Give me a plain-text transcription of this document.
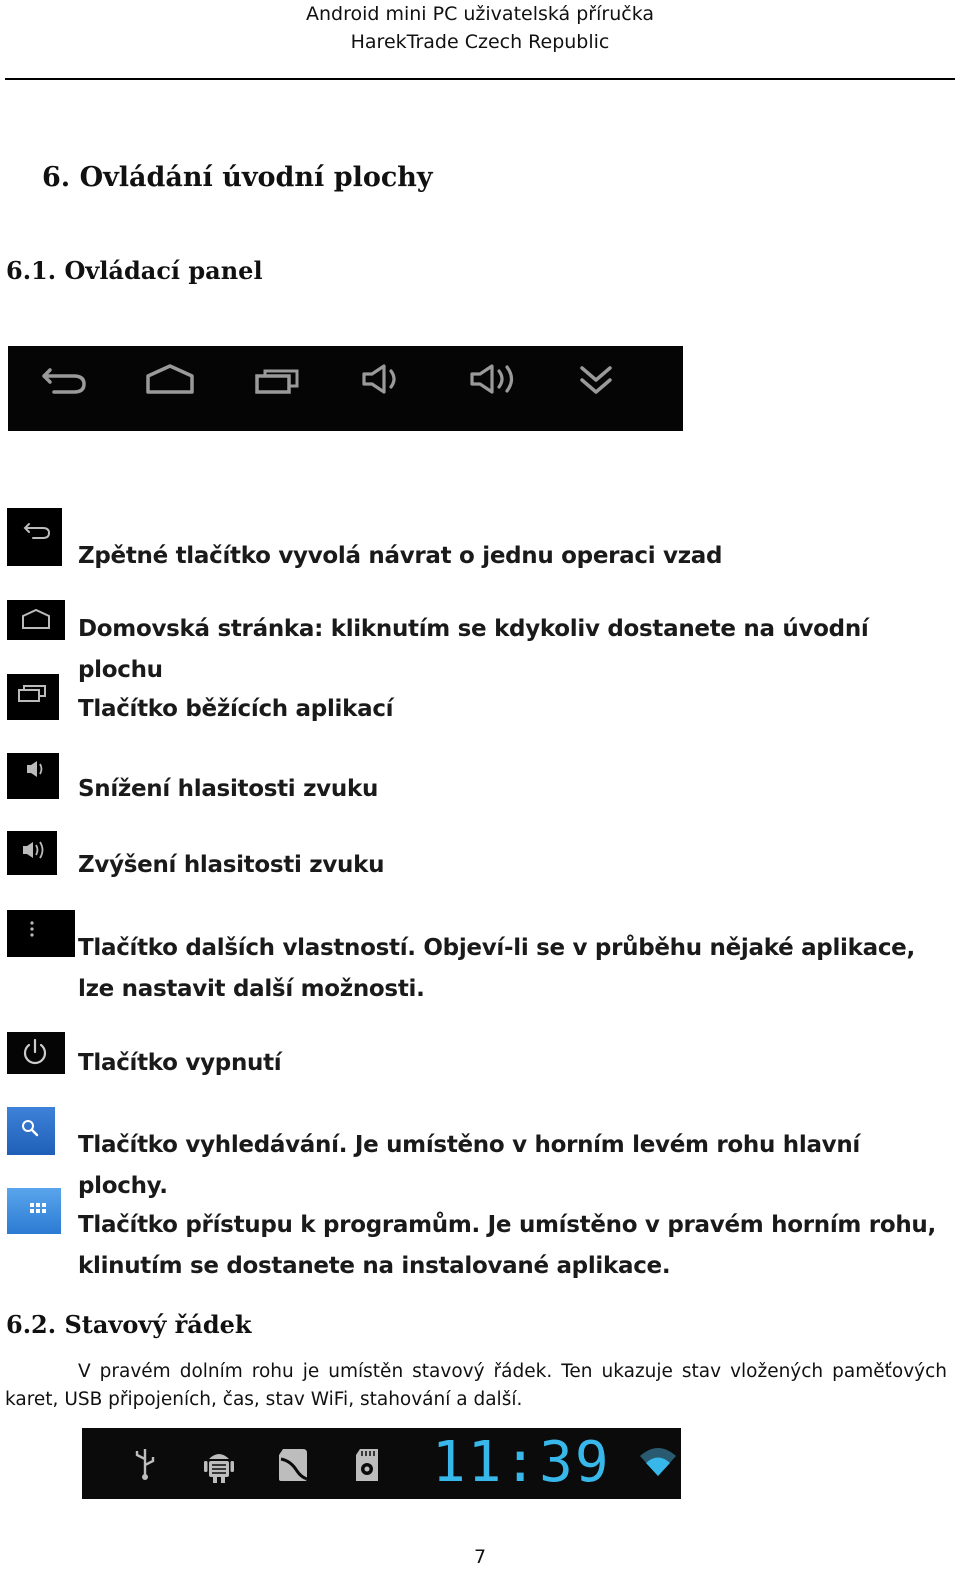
Android mini PC uživatelská příručka
HarekTrade Czech Republic
6. Ovládání úvodní plochy
6.1. Ovládací panel
Zpětné tlačítko vyvolá návrat o jednu operaci vzad
Domovská stránka: kliknutím se kdykoliv dostanete na úvodní plochu
Tlačítko běžících aplikací
Snížení hlasitosti zvuku
Zvýšení hlasitosti zvuku
Tlačítko dalších vlastností. Objeví-li se v průběhu nějaké aplikace, lze nastavit další možnosti.
Tlačítko vypnutí
Tlačítko vyhledávání. Je umístěno v horním levém rohu hlavní plochy.
Tlačítko přístupu k programům. Je umístěno v pravém horním rohu, klinutím se dostanete na instalované aplikace.
6.2. Stavový řádek
V pravém dolním rohu je umístěn stavový řádek. Ten ukazuje stav vložených paměťových karet, USB připojeních, čas, stav WiFi, stahování a další.
11:39
7
